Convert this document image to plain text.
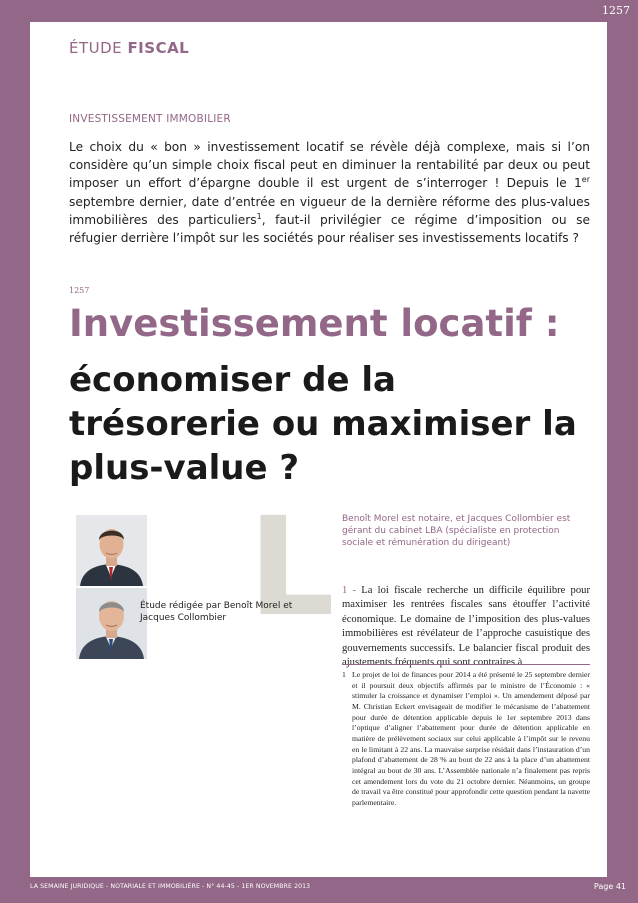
1257
ÉTUDE FISCAL
INVESTISSEMENT IMMOBILIER

Le choix du « bon » investissement locatif se révèle déjà complexe, mais si l’on considère qu’un simple choix fiscal peut en diminuer la rentabilité par deux ou peut imposer un effort d’épargne double il est urgent de s’interroger ! Depuis le 1er septembre dernier, date d’entrée en vigueur de la dernière réforme des plus-values immobilières des particuliers$^1$, faut-il privilégier ce régime d’imposition ou se réfugier derrière l’impôt sur les sociétés pour réaliser ses investissements locatifs ?

1257
Investissement locatif :
économiser de la trésorerie ou maximiser la plus-value ?
L
Étude rédigée par Benoît Morel et Jacques Collombier
Benoît Morel est notaire, et Jacques Collombier est gérant du cabinet LBA (spécialiste en protection sociale et rémunération du dirigeant)

1 - La loi fiscale recherche un difficile équilibre pour maximiser les rentrées fiscales sans étouffer l’activité économique. Le domaine de l’imposition des plus-values immobilières est révélateur de l’approche casuistique des gouvernements successifs. Le balancier fiscal produit des ajustements fréquents qui sont contraires à

1 Le projet de loi de finances pour 2014 a été présenté le 25 septembre dernier et il poursuit deux objectifs affirmés par le ministre de l’Économie : « stimuler la croissance et dynamiser l’emploi ». Un amendement déposé par M. Christian Eckert envisageait de modifier le mécanisme de l’abattement pour durée de détention applicable depuis le 1er septembre 2013 dans l’optique d’aligner l’abattement pour durée de détention applicable en matière de prélèvement sociaux sur celui applicable à l’impôt sur le revenu en le limitant à 22 ans. La mauvaise surprise résidait dans l’instauration d’un plafond d’abattement de 28 % au bout de 22 ans à la place d’un abattement intégral au bout de 30 ans. L’Assemblée nationale n’a finalement pas repris cet amendement lors du vote du 21 octobre dernier. Néanmoins, un groupe de travail va être constitué pour approfondir cette question pendant la navette parlementaire.

LA SEMAINE JURIDIQUE - NOTARIALE ET IMMOBILIÈRE - N° 44-45 - 1ER NOVEMBRE 2013	Page 41
